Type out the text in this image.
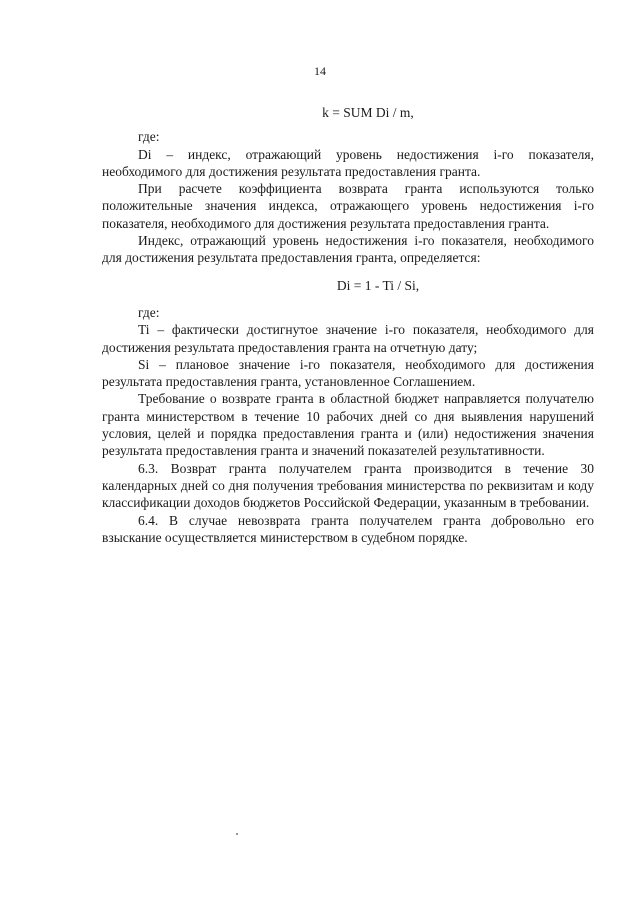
14
k = SUM Di / m,

где:

Di – индекс, отражающий уровень недостижения i-го показателя, необходимого для достижения результата предоставления гранта.

При расчете коэффициента возврата гранта используются только положительные значения индекса, отражающего уровень недостижения i-го показателя, необходимого для достижения результата предоставления гранта.

Индекс, отражающий уровень недостижения i-го показателя, необходимого для достижения результата предоставления гранта, определяется:

Di = 1 - Ti / Si,

где:

Ti – фактически достигнутое значение i-го показателя, необходимого для достижения результата предоставления гранта на отчетную дату;

Si – плановое значение i-го показателя, необходимого для достижения результата предоставления гранта, установленное Соглашением.

Требование о возврате гранта в областной бюджет направляется получателю гранта министерством в течение 10 рабочих дней со дня выявления нарушений условия, целей и порядка предоставления гранта и (или) недостижения значения результата предоставления гранта и значений показателей результативности.

6.3. Возврат гранта получателем гранта производится в течение 30 календарных дней со дня получения требования министерства по реквизитам и коду классификации доходов бюджетов Российской Федерации, указанным в требовании.

6.4. В случае невозврата гранта получателем гранта добровольно его взыскание осуществляется министерством в судебном порядке.
